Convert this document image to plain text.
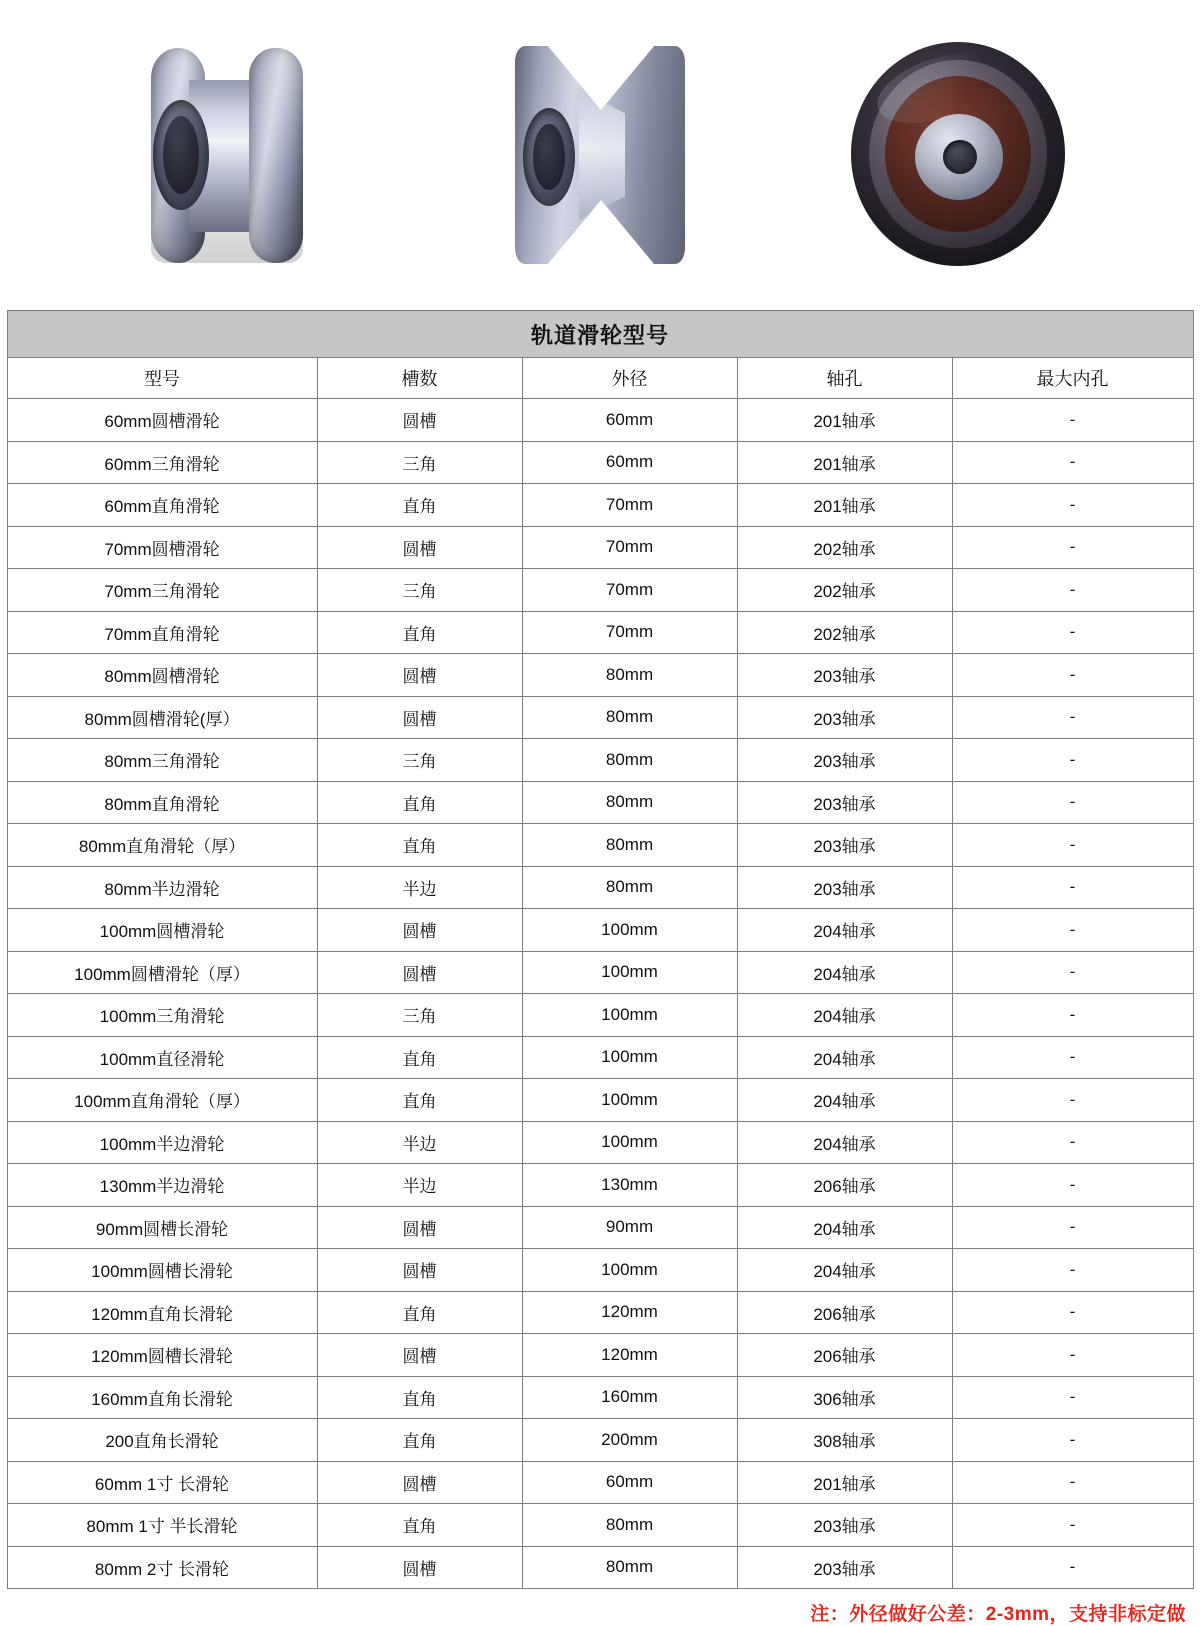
轨道滑轮型号				
型号	槽数	外径	轴孔	最大内孔
60mm圆槽滑轮	圆槽	60mm	201轴承	-
60mm三角滑轮	三角	60mm	201轴承	-
60mm直角滑轮	直角	70mm	201轴承	-
70mm圆槽滑轮	圆槽	70mm	202轴承	-
70mm三角滑轮	三角	70mm	202轴承	-
70mm直角滑轮	直角	70mm	202轴承	-
80mm圆槽滑轮	圆槽	80mm	203轴承	-
80mm圆槽滑轮(厚）	圆槽	80mm	203轴承	-
80mm三角滑轮	三角	80mm	203轴承	-
80mm直角滑轮	直角	80mm	203轴承	-
80mm直角滑轮（厚）	直角	80mm	203轴承	-
80mm半边滑轮	半边	80mm	203轴承	-
100mm圆槽滑轮	圆槽	100mm	204轴承	-
100mm圆槽滑轮（厚）	圆槽	100mm	204轴承	-
100mm三角滑轮	三角	100mm	204轴承	-
100mm直径滑轮	直角	100mm	204轴承	-
100mm直角滑轮（厚）	直角	100mm	204轴承	-
100mm半边滑轮	半边	100mm	204轴承	-
130mm半边滑轮	半边	130mm	206轴承	-
90mm圆槽长滑轮	圆槽	90mm	204轴承	-
100mm圆槽长滑轮	圆槽	100mm	204轴承	-
120mm直角长滑轮	直角	120mm	206轴承	-
120mm圆槽长滑轮	圆槽	120mm	206轴承	-
160mm直角长滑轮	直角	160mm	306轴承	-
200直角长滑轮	直角	200mm	308轴承	-
60mm 1寸 长滑轮	圆槽	60mm	201轴承	-
80mm 1寸 半长滑轮	直角	80mm	203轴承	-
80mm 2寸 长滑轮	圆槽	80mm	203轴承	-
注：外径做好公差：2-3mm，支持非标定做
